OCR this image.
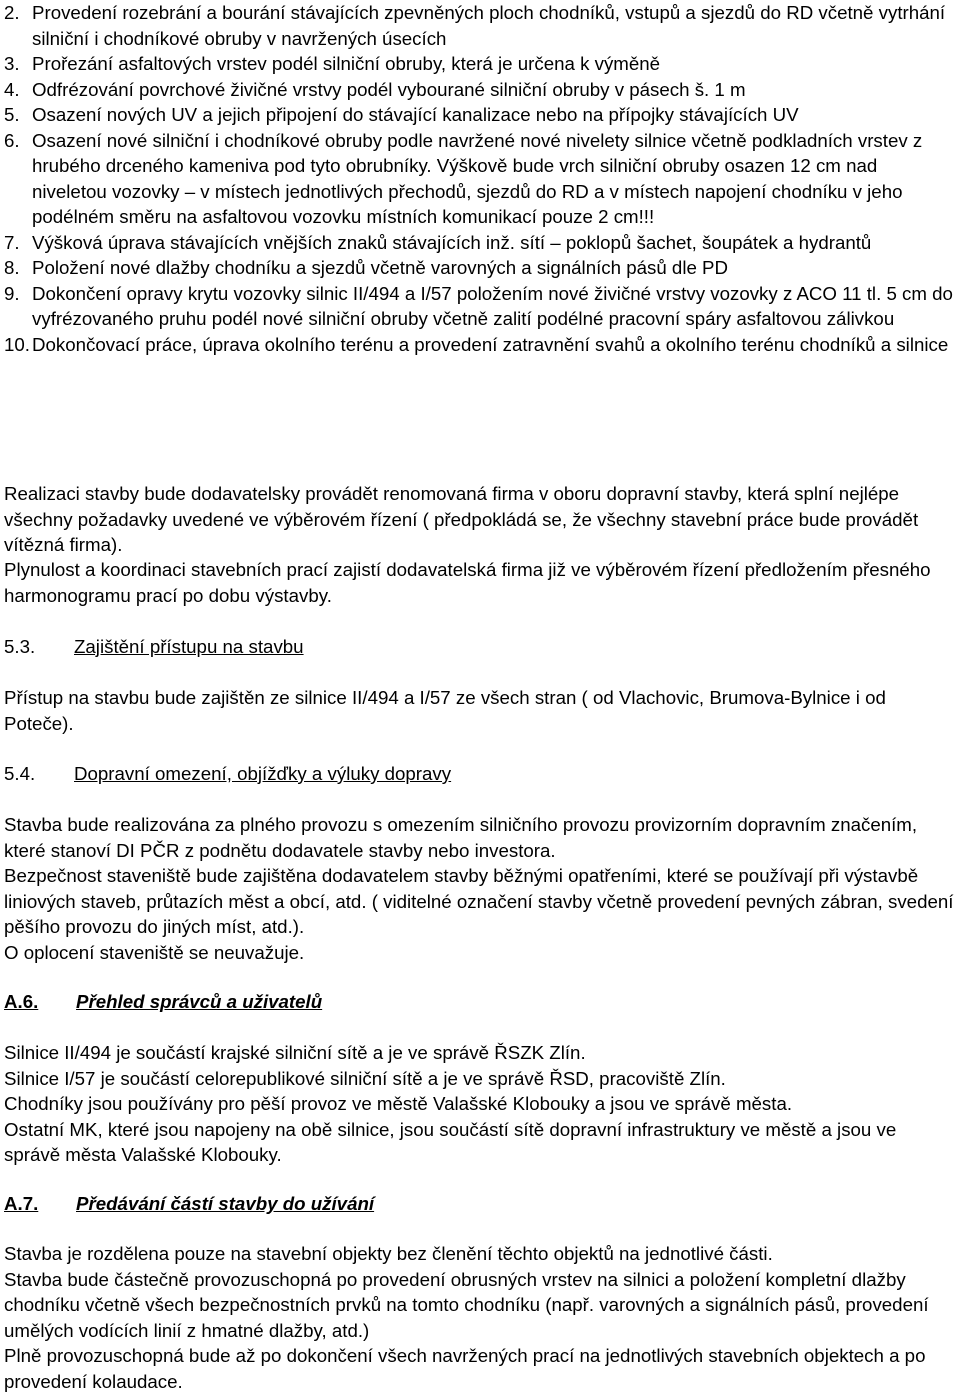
2. Provedení rozebrání a bourání stávajících zpevněných ploch chodníků, vstupů a sjezdů do RD včetně vytrhání silniční i chodníkové obruby v navržených úsecích
3. Prořezání asfaltových vrstev podél silniční obruby, která je určena k výměně
4. Odfrézování povrchové živičné vrstvy podél vybourané silniční obruby v pásech š. 1 m
5. Osazení nových UV a jejich připojení do stávající kanalizace nebo na přípojky stávajících UV
6. Osazení nové silniční i chodníkové obruby podle navržené nové nivelety silnice včetně podkladních vrstev z hrubého drceného kameniva pod tyto obrubníky. Výškově bude vrch silniční obruby osazen 12 cm nad niveletou vozovky – v místech jednotlivých přechodů, sjezdů do RD a v místech napojení chodníku v jeho podélném směru na asfaltovou vozovku místních komunikací pouze 2 cm!!!
7. Výšková úprava stávajících vnějších znaků stávajících inž. sítí – poklopů šachet, šoupátek a hydrantů
8. Položení nové dlažby chodníku a sjezdů včetně varovných a signálních pásů dle PD
9. Dokončení opravy krytu vozovky silnic II/494 a I/57 položením nové živičné vrstvy vozovky z ACO 11 tl. 5 cm do vyfrézovaného pruhu podél nové silniční obruby včetně zalití podélné pracovní spáry asfaltovou zálivkou
10. Dokončovací práce, úprava okolního terénu a provedení zatravnění svahů a okolního terénu chodníků a silnice

Realizaci stavby bude dodavatelsky provádět renomovaná firma v oboru dopravní stavby, která splní nejlépe všechny požadavky uvedené ve výběrovém řízení ( předpokládá se, že všechny stavební práce bude provádět vítězná firma).

Plynulost a koordinaci stavebních prací zajistí dodavatelská firma již ve výběrovém řízení předložením přesného harmonogramu prací po dobu výstavby.

5.3. Zajištění přístupu na stavbu

Přístup na stavbu bude zajištěn ze silnice II/494 a I/57 ze všech stran ( od Vlachovic, Brumova-Bylnice i od Poteče).

5.4. Dopravní omezení, objížďky a výluky dopravy
Stavba bude realizována za plného provozu s omezením silničního provozu provizorním dopravním značením, které stanoví DI PČR z podnětu dodavatele stavby nebo investora.
Bezpečnost staveniště bude zajištěna dodavatelem stavby běžnými opatřeními, které se používají při výstavbě liniových staveb, průtazích měst a obcí, atd. ( viditelné označení stavby včetně provedení pevných zábran, svedení pěšího provozu do jiných míst, atd.).
O oplocení staveniště se neuvažuje.
A.6. Přehled správců a uživatelů
Silnice II/494 je součástí krajské silniční sítě a je ve správě ŘSZK Zlín.
Silnice I/57 je součástí celorepublikové silniční sítě a je ve správě ŘSD, pracoviště Zlín.
Chodníky jsou používány pro pěší provoz ve městě Valašské Klobouky a jsou ve správě města.
Ostatní MK, které jsou napojeny na obě silnice, jsou součástí sítě dopravní infrastruktury ve městě a jsou ve správě města Valašské Klobouky.
A.7. Předávání částí stavby do užívání
Stavba je rozdělena pouze na stavební objekty bez členění těchto objektů na jednotlivé části.
Stavba bude částečně provozuschopná po provedení obrusných vrstev na silnici a položení kompletní dlažby chodníku včetně všech bezpečnostních prvků na tomto chodníku (např. varovných a signálních pásů, provedení umělých vodících linií z hmatné dlažby, atd.)
Plně provozuschopná bude až po dokončení všech navržených prací na jednotlivých stavebních objektech a po provedení kolaudace.
